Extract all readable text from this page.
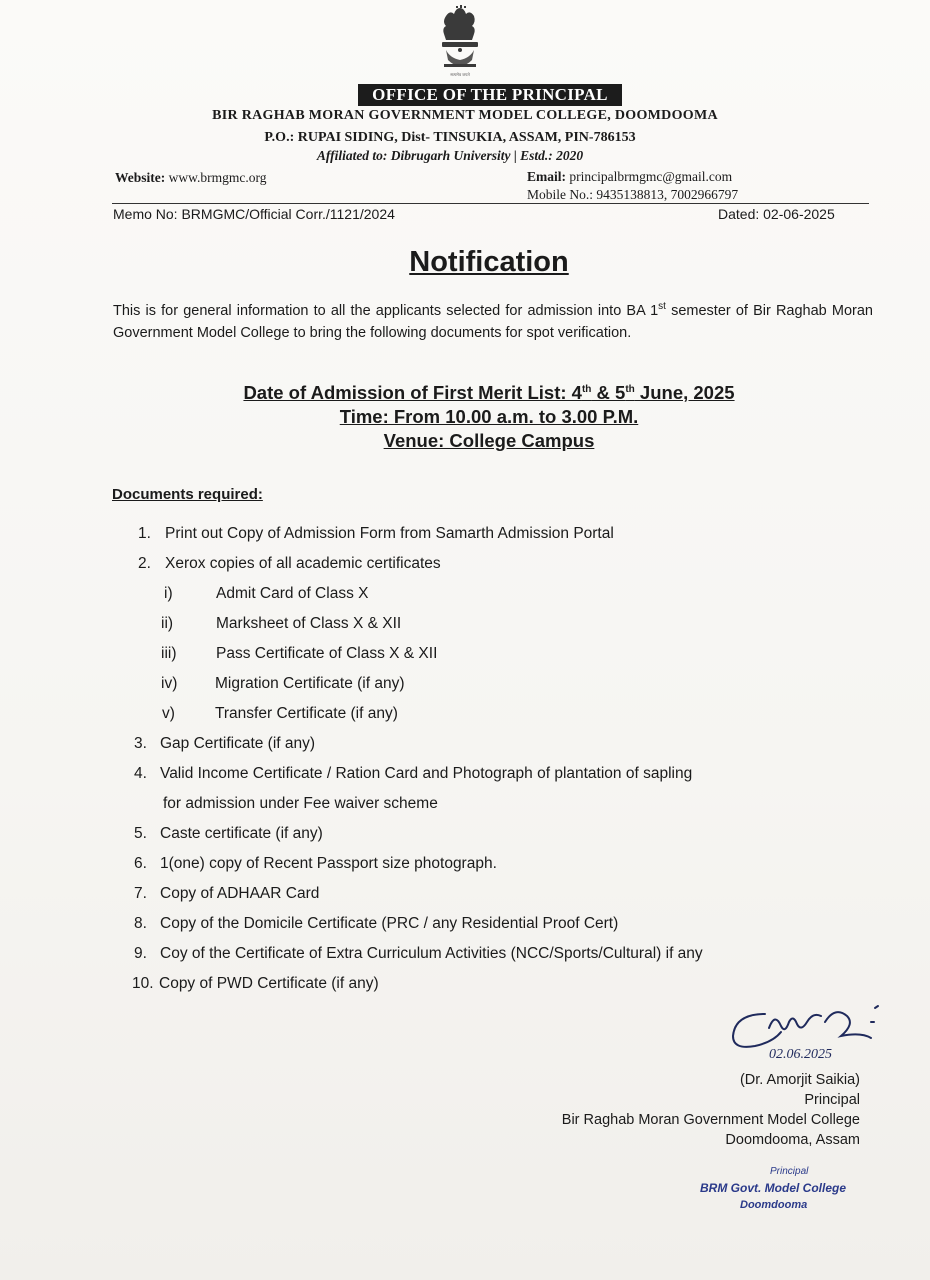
सत्यमेव जयते
OFFICE OF THE PRINCIPAL
BIR RAGHAB MORAN GOVERNMENT MODEL COLLEGE, DOOMDOOMA
P.O.: RUPAI SIDING, Dist- TINSUKIA, ASSAM, PIN-786153
Affiliated to: Dibrugarh University | Estd.: 2020
Website: www.brmgmc.org	Email: principalbrmgmc@gmail.com
Mobile No.: 9435138813, 7002966797
Memo No: BRMGMC/Official Corr./1121/2024	Dated: 02-06-2025
Notification
This is for general information to all the applicants selected for admission into BA 1st semester of Bir Raghab Moran Government Model College to bring the following documents for spot verification.
Date of Admission of First Merit List: 4th & 5th June, 2025
Time: From 10.00 a.m. to 3.00 P.M.
Venue: College Campus
Documents required:
1. Print out Copy of Admission Form from Samarth Admission Portal
2. Xerox copies of all academic certificates
i)	Admit Card of Class X
ii)	Marksheet of Class X & XII
iii)	Pass Certificate of Class X & XII
iv) Migration Certificate (if any)
v)	Transfer Certificate (if any)
3. Gap Certificate (if any)
4. Valid Income Certificate / Ration Card and Photograph of plantation of sapling
for admission under Fee waiver scheme
5. Caste certificate (if any)
6. 1(one) copy of Recent Passport size photograph.
7. Copy of ADHAAR Card
8. Copy of the Domicile Certificate (PRC / any Residential Proof Cert)
9. Coy of the Certificate of Extra Curriculum Activities (NCC/Sports/Cultural) if any
10. Copy of PWD Certificate (if any)
02.06.2025
(Dr. Amorjit Saikia)
Principal
Bir Raghab Moran Government Model College
Doomdooma, Assam
Principal
BRM Govt. Model College
Doomdooma
